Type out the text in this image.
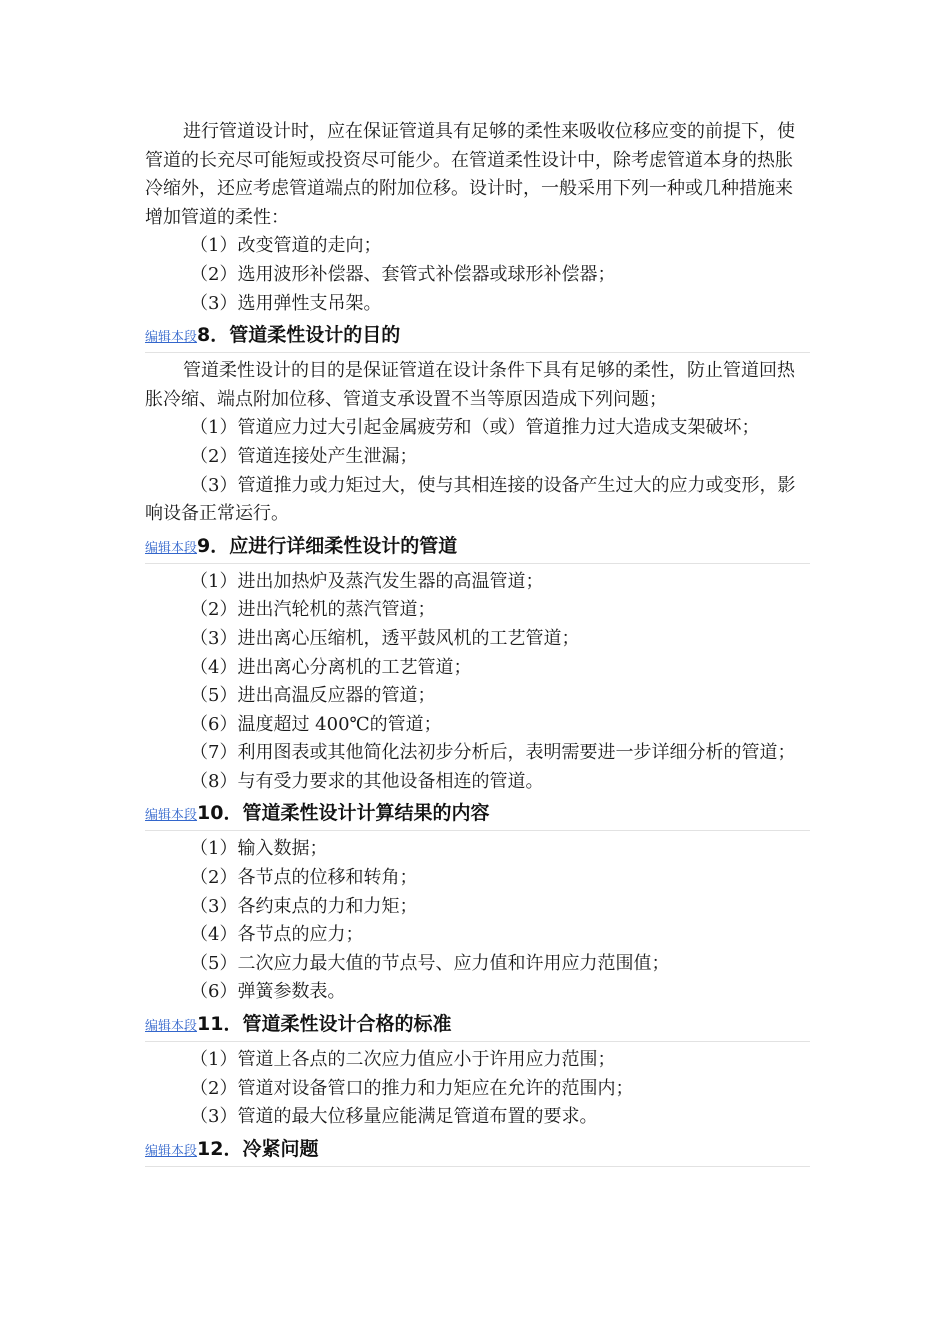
进行管道设计时，应在保证管道具有足够的柔性来吸收位移应变的前提下，使管道的长充尽可能短或投资尽可能少。在管道柔性设计中，除考虑管道本身的热胀冷缩外，还应考虑管道端点的附加位移。设计时，一般采用下列一种或几种措施来增加管道的柔性：

（1）改变管道的走向；

（2）选用波形补偿器、套管式补偿器或球形补偿器；

（3）选用弹性支吊架。

编辑本段8．管道柔性设计的目的

管道柔性设计的目的是保证管道在设计条件下具有足够的柔性，防止管道回热胀冷缩、端点附加位移、管道支承设置不当等原因造成下列问题；

（1）管道应力过大引起金属疲劳和（或）管道推力过大造成支架破坏；

（2）管道连接处产生泄漏；

（3）管道推力或力矩过大，使与其相连接的设备产生过大的应力或变形，影响设备正常运行。

编辑本段9．应进行详细柔性设计的管道

（1）进出加热炉及蒸汽发生器的高温管道；

（2）进出汽轮机的蒸汽管道；

（3）进出离心压缩机，透平鼓风机的工艺管道；

（4）进出离心分离机的工艺管道；

（5）进出高温反应器的管道；

（6）温度超过 400℃的管道；

（7）利用图表或其他简化法初步分析后，表明需要进一步详细分析的管道；

（8）与有受力要求的其他设备相连的管道。

编辑本段10．管道柔性设计计算结果的内容

（1）输入数据；

（2）各节点的位移和转角；

（3）各约束点的力和力矩；

（4）各节点的应力；

（5）二次应力最大值的节点号、应力值和许用应力范围值；

（6）弹簧参数表。

编辑本段11．管道柔性设计合格的标准

（1）管道上各点的二次应力值应小于许用应力范围；

（2）管道对设备管口的推力和力矩应在允许的范围内；

（3）管道的最大位移量应能满足管道布置的要求。

编辑本段12．冷紧问题
